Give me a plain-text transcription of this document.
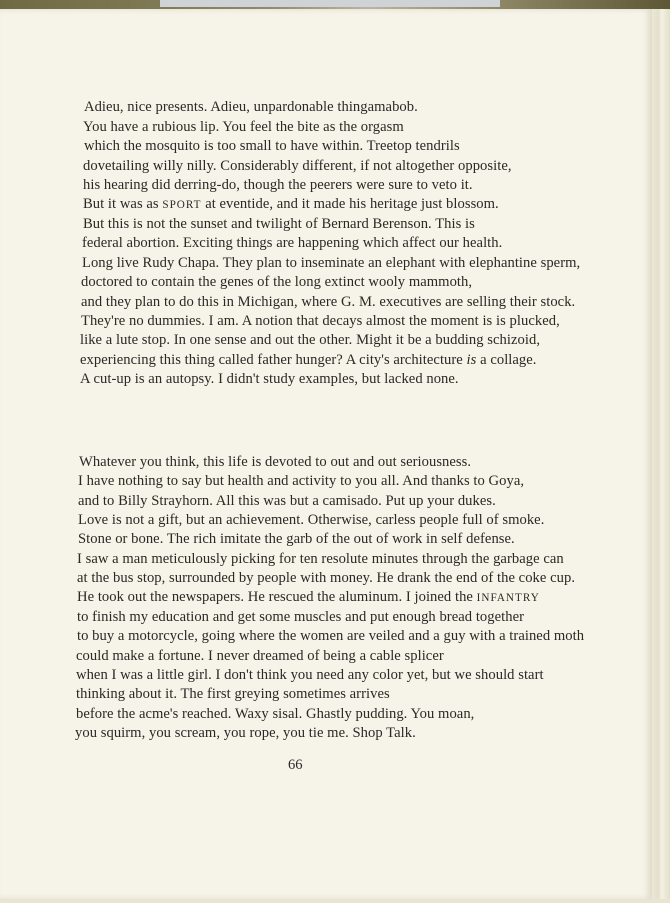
Adieu, nice presents. Adieu, unpardonable thingamabob.
You have a rubious lip. You feel the bite as the orgasm
which the mosquito is too small to have within. Treetop tendrils
dovetailing willy nilly. Considerably different, if not altogether opposite,
his hearing did derring-do, though the peerers were sure to veto it.
But it was as SPORT at eventide, and it made his heritage just blossom.
But this is not the sunset and twilight of Bernard Berenson. This is
federal abortion. Exciting things are happening which affect our health.
Long live Rudy Chapa. They plan to inseminate an elephant with elephantine sperm,
doctored to contain the genes of the long extinct wooly mammoth,
and they plan to do this in Michigan, where G. M. executives are selling their stock.
They're no dummies. I am. A notion that decays almost the moment is is plucked,
like a lute stop. In one sense and out the other. Might it be a budding schizoid,
experiencing this thing called father hunger? A city's architecture is a collage.
A cut-up is an autopsy. I didn't study examples, but lacked none.
Whatever you think, this life is devoted to out and out seriousness.
I have nothing to say but health and activity to you all. And thanks to Goya,
and to Billy Strayhorn. All this was but a camisado. Put up your dukes.
Love is not a gift, but an achievement. Otherwise, carless people full of smoke.
Stone or bone. The rich imitate the garb of the out of work in self defense.
I saw a man meticulously picking for ten resolute minutes through the garbage can
at the bus stop, surrounded by people with money. He drank the end of the coke cup.
He took out the newspapers. He rescued the aluminum. I joined the INFANTRY
to finish my education and get some muscles and put enough bread together
to buy a motorcycle, going where the women are veiled and a guy with a trained moth
could make a fortune. I never dreamed of being a cable splicer
when I was a little girl. I don't think you need any color yet, but we should start
thinking about it. The first greying sometimes arrives
before the acme's reached. Waxy sisal. Ghastly pudding. You moan,
you squirm, you scream, you rope, you tie me. Shop Talk.
66
